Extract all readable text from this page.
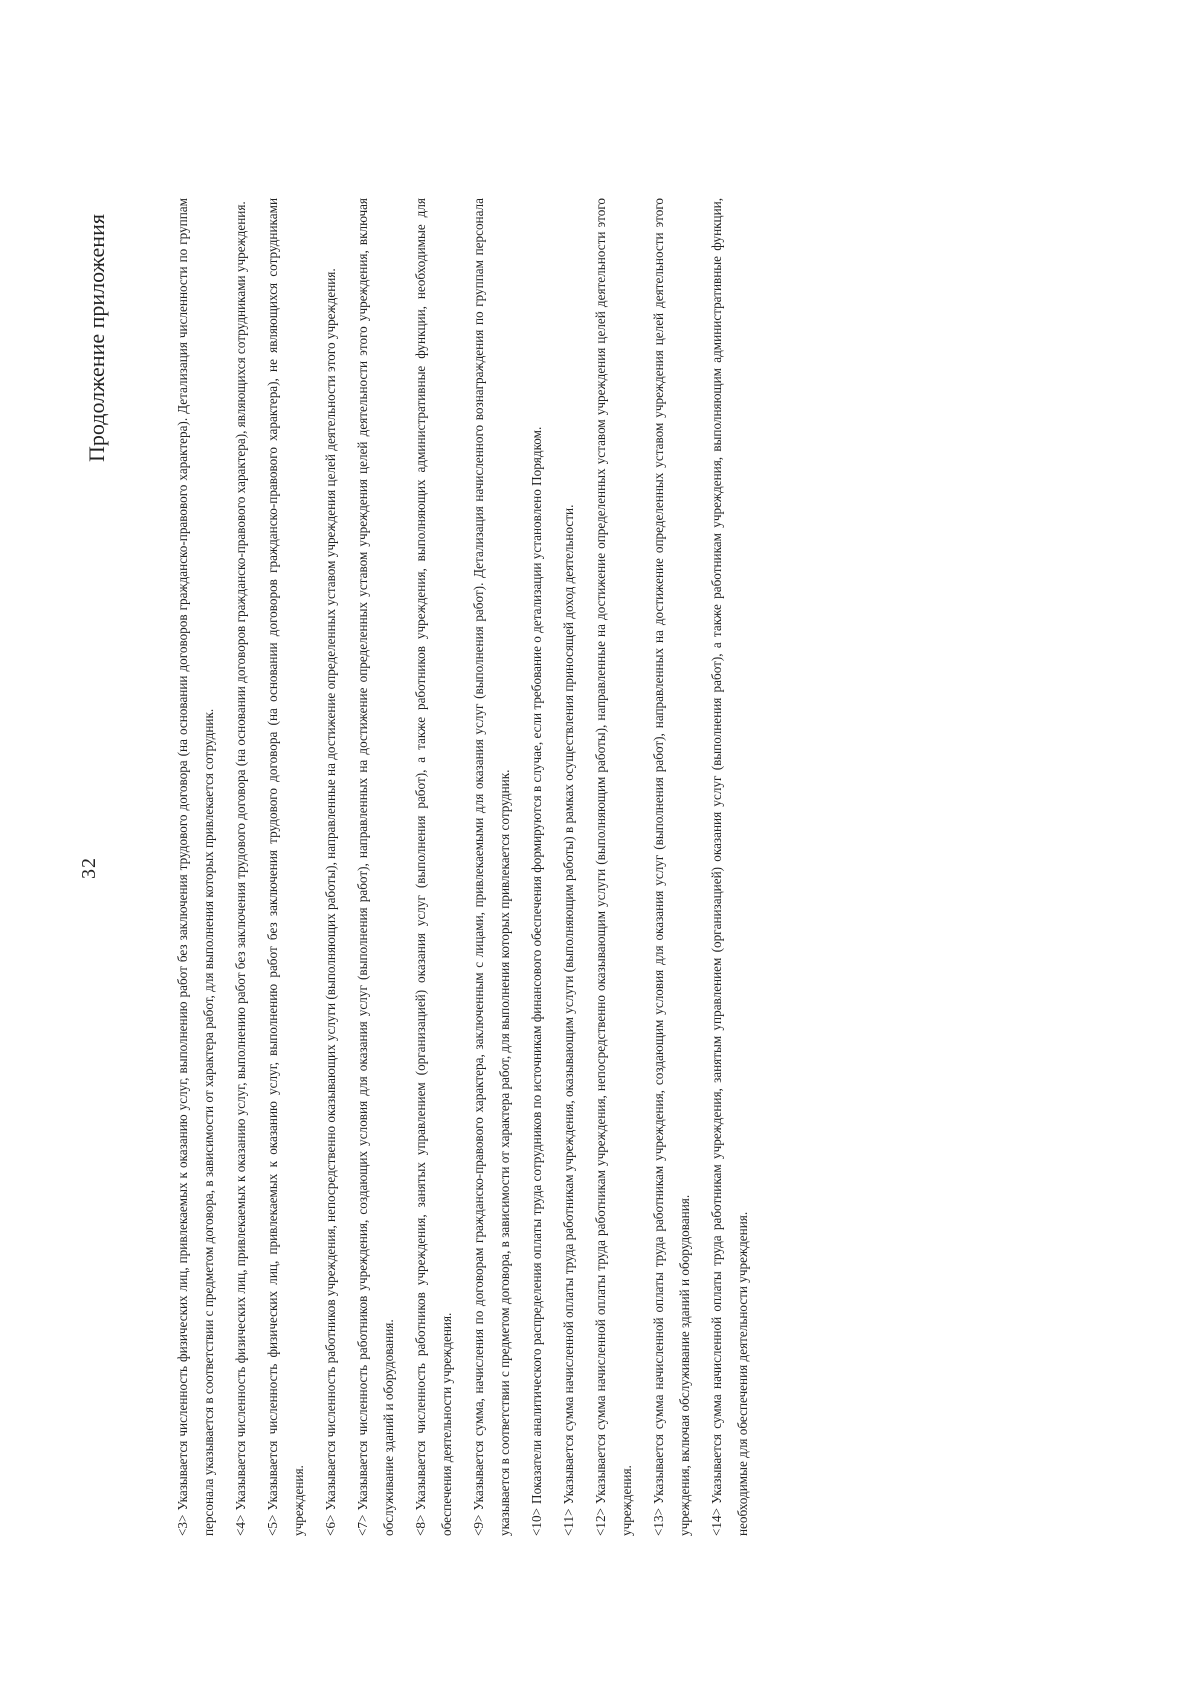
32
Продолжение приложения
<3>Указывается численность физических лиц, привлекаемых к оказанию услуг, выполнению работ без заключения трудового договора (на основании договоров гражданско-правового характера). Детализация численности по группам персонала указывается в соответствии с предметом договора, в зависимости от характера работ, для выполнения которых привлекается сотрудник.	<4>Указывается численность физических лиц, привлекаемых к оказанию услуг, выполнению работ без заключения трудового договора (на основании договоров гражданско-правового характера), являющихся сотрудниками учреждения.
<5>Указывается численность физических лиц, привлекаемых к оказанию услуг, выполнению работ без заключения трудового договора (на основании договоров гражданско-правового характера), не являющихся сотрудниками учреждения.	<6>Указывается численность работников учреждения, непосредственно оказывающих услуги (выполняющих работы), направленные на достижение определенных уставом учреждения целей деятельности этого учреждения.
<7>Указывается численность работников учреждения, создающих условия для оказания услуг (выполнения работ), направленных на достижение определенных уставом учреждения целей деятельности этого учреждения, включая обслуживание зданий и оборудования.	<8>Указывается численность работников учреждения, занятых управлением (организацией) оказания услуг (выполнения работ), а также работников учреждения, выполняющих административные функции, необходимые для обеспечения деятельности учреждения.	<9>Указывается сумма, начисления по договорам гражданско-правового характера, заключенным с лицами, привлекаемыми для оказания услуг (выполнения работ). Детализация начисленного вознаграждения по группам персонала указывается в соответствии с предметом договора, в зависимости от характера работ, для выполнения которых привлекается сотрудник.	<10>Показатели аналитического распределения оплаты труда сотрудников по источникам финансового обеспечения формируются в случае, если требование о детализации установлено Порядком.
<11>Указывается сумма начисленной оплаты труда работникам учреждения, оказывающим услуги (выполняющим работы) в рамках осуществления приносящей доход деятельности.
<12>Указывается сумма начисленной оплаты труда работникам учреждения, непосредственно оказывающим услуги (выполняющим работы), направленные на достижение определенных уставом учреждения целей деятельности этого учреждения.	<13>Указывается сумма начисленной оплаты труда работникам учреждения, создающим условия для оказания услуг (выполнения работ), направленных на достижение определенных уставом учреждения целей деятельности этого учреждения, включая обслуживание зданий и оборудования.	<14>Указывается сумма начисленной оплаты труда работникам учреждения, занятым управлением (организацией) оказания услуг (выполнения работ), а также работникам учреждения, выполняющим административные функции, необходимые для обеспечения деятельности учреждения.
